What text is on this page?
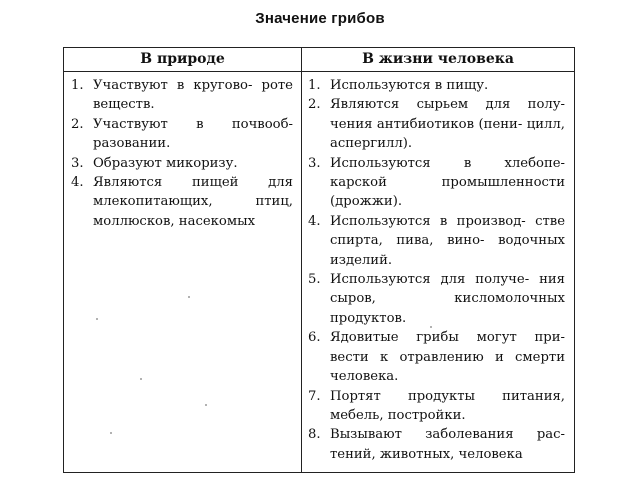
Значение грибов
В природе	В жизни человека
1. Участвуют в кругово- роте веществ.
2. Участвуют в почвооб- разовании.
3. Образуют микоризу.
4. Являются пищей для млекопитающих, птиц, моллюсков, насекомых
1. Используются в пищу.
2. Являются сырьем для полу- чения антибиотиков (пени- цилл, аспергилл).
3. Используются в хлебопе- карской промышленности (дрожжи).
4. Используются в производ- стве спирта, пива, вино- водочных изделий.
5. Используются для получе- ния сыров, кисломолочных продуктов.
6. Ядовитые грибы могут при- вести к отравлению и смерти человека.
7. Портят продукты питания, мебель, постройки.
8. Вызывают заболевания рас- тений, животных, человека
